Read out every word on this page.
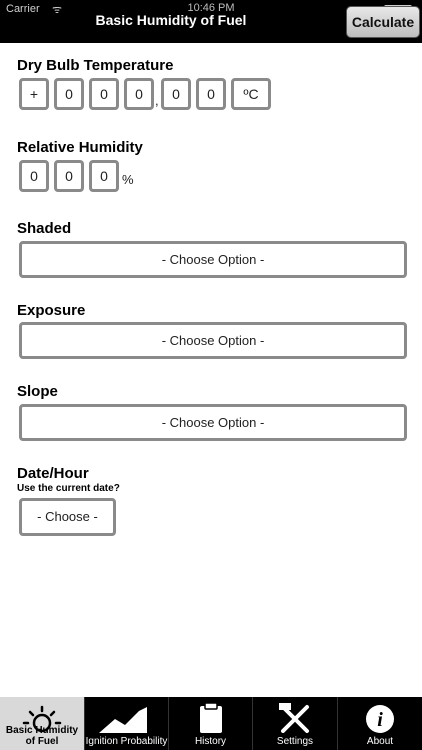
Carrier ᯤ	10:46 PM
Basic Humidity of Fuel	Calculate
Dry Bulb Temperature
+	0	0	0 , 0	0	ºC
Relative Humidity
0	0	0	%
Shaded
- Choose Option -
Exposure
- Choose Option -
Slope
- Choose Option -
Date/Hour
Use the current date?
- Choose -
Basic Humidity of Fuel	Ignition Probability	History	Settings
i
About
